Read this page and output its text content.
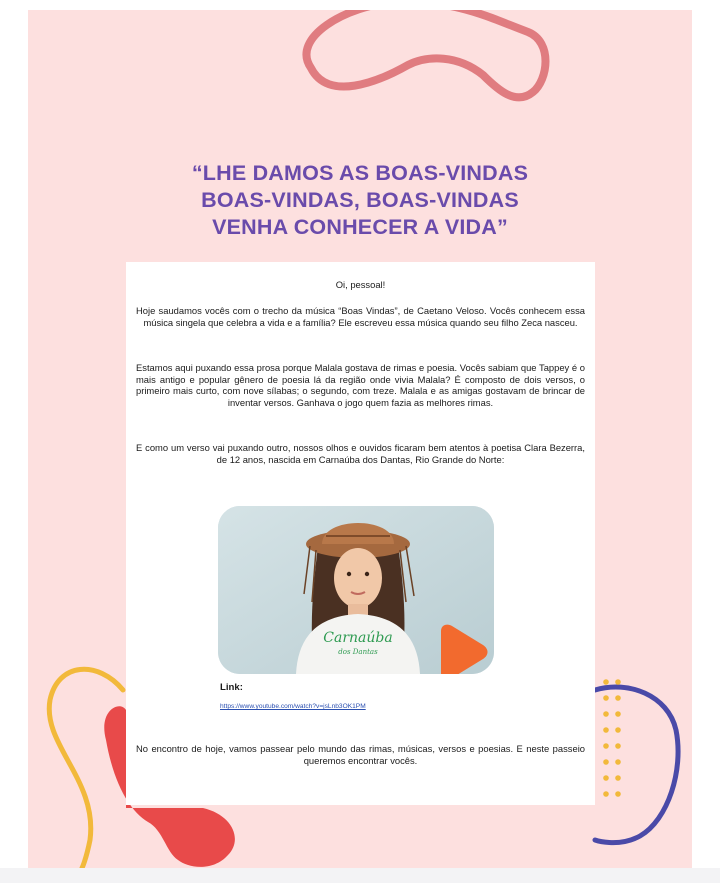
“LHE DAMOS AS BOAS-VINDAS
BOAS-VINDAS, BOAS-VINDAS
VENHA CONHECER A VIDA”
Oi, pessoal!
Hoje saudamos vocês com o trecho da música “Boas Vindas”, de Caetano Veloso. Vocês conhecem essa música singela que celebra a vida e a família? Ele escreveu essa música quando seu filho Zeca nasceu.
Estamos aqui puxando essa prosa porque Malala gostava de rimas e poesia. Vocês sabiam que Tappey é o mais antigo e popular gênero de poesia lá da região onde vivia Malala? É composto de dois versos, o primeiro mais curto, com nove sílabas; o segundo, com treze. Malala e as amigas gostavam de brincar de inventar versos. Ganhava o jogo quem fazia as melhores rimas.
E como um verso vai puxando outro, nossos olhos e ouvidos ficaram bem atentos à poetisa Clara Bezerra, de 12 anos, nascida em Carnaúba dos Dantas, Rio Grande do Norte:
Carnaúba
dos Dantas
Link:
https://www.youtube.com/watch?v=jsLnb3OK1PM
No encontro de hoje, vamos passear pelo mundo das rimas, músicas, versos e poesias. E neste passeio queremos encontrar vocês.
